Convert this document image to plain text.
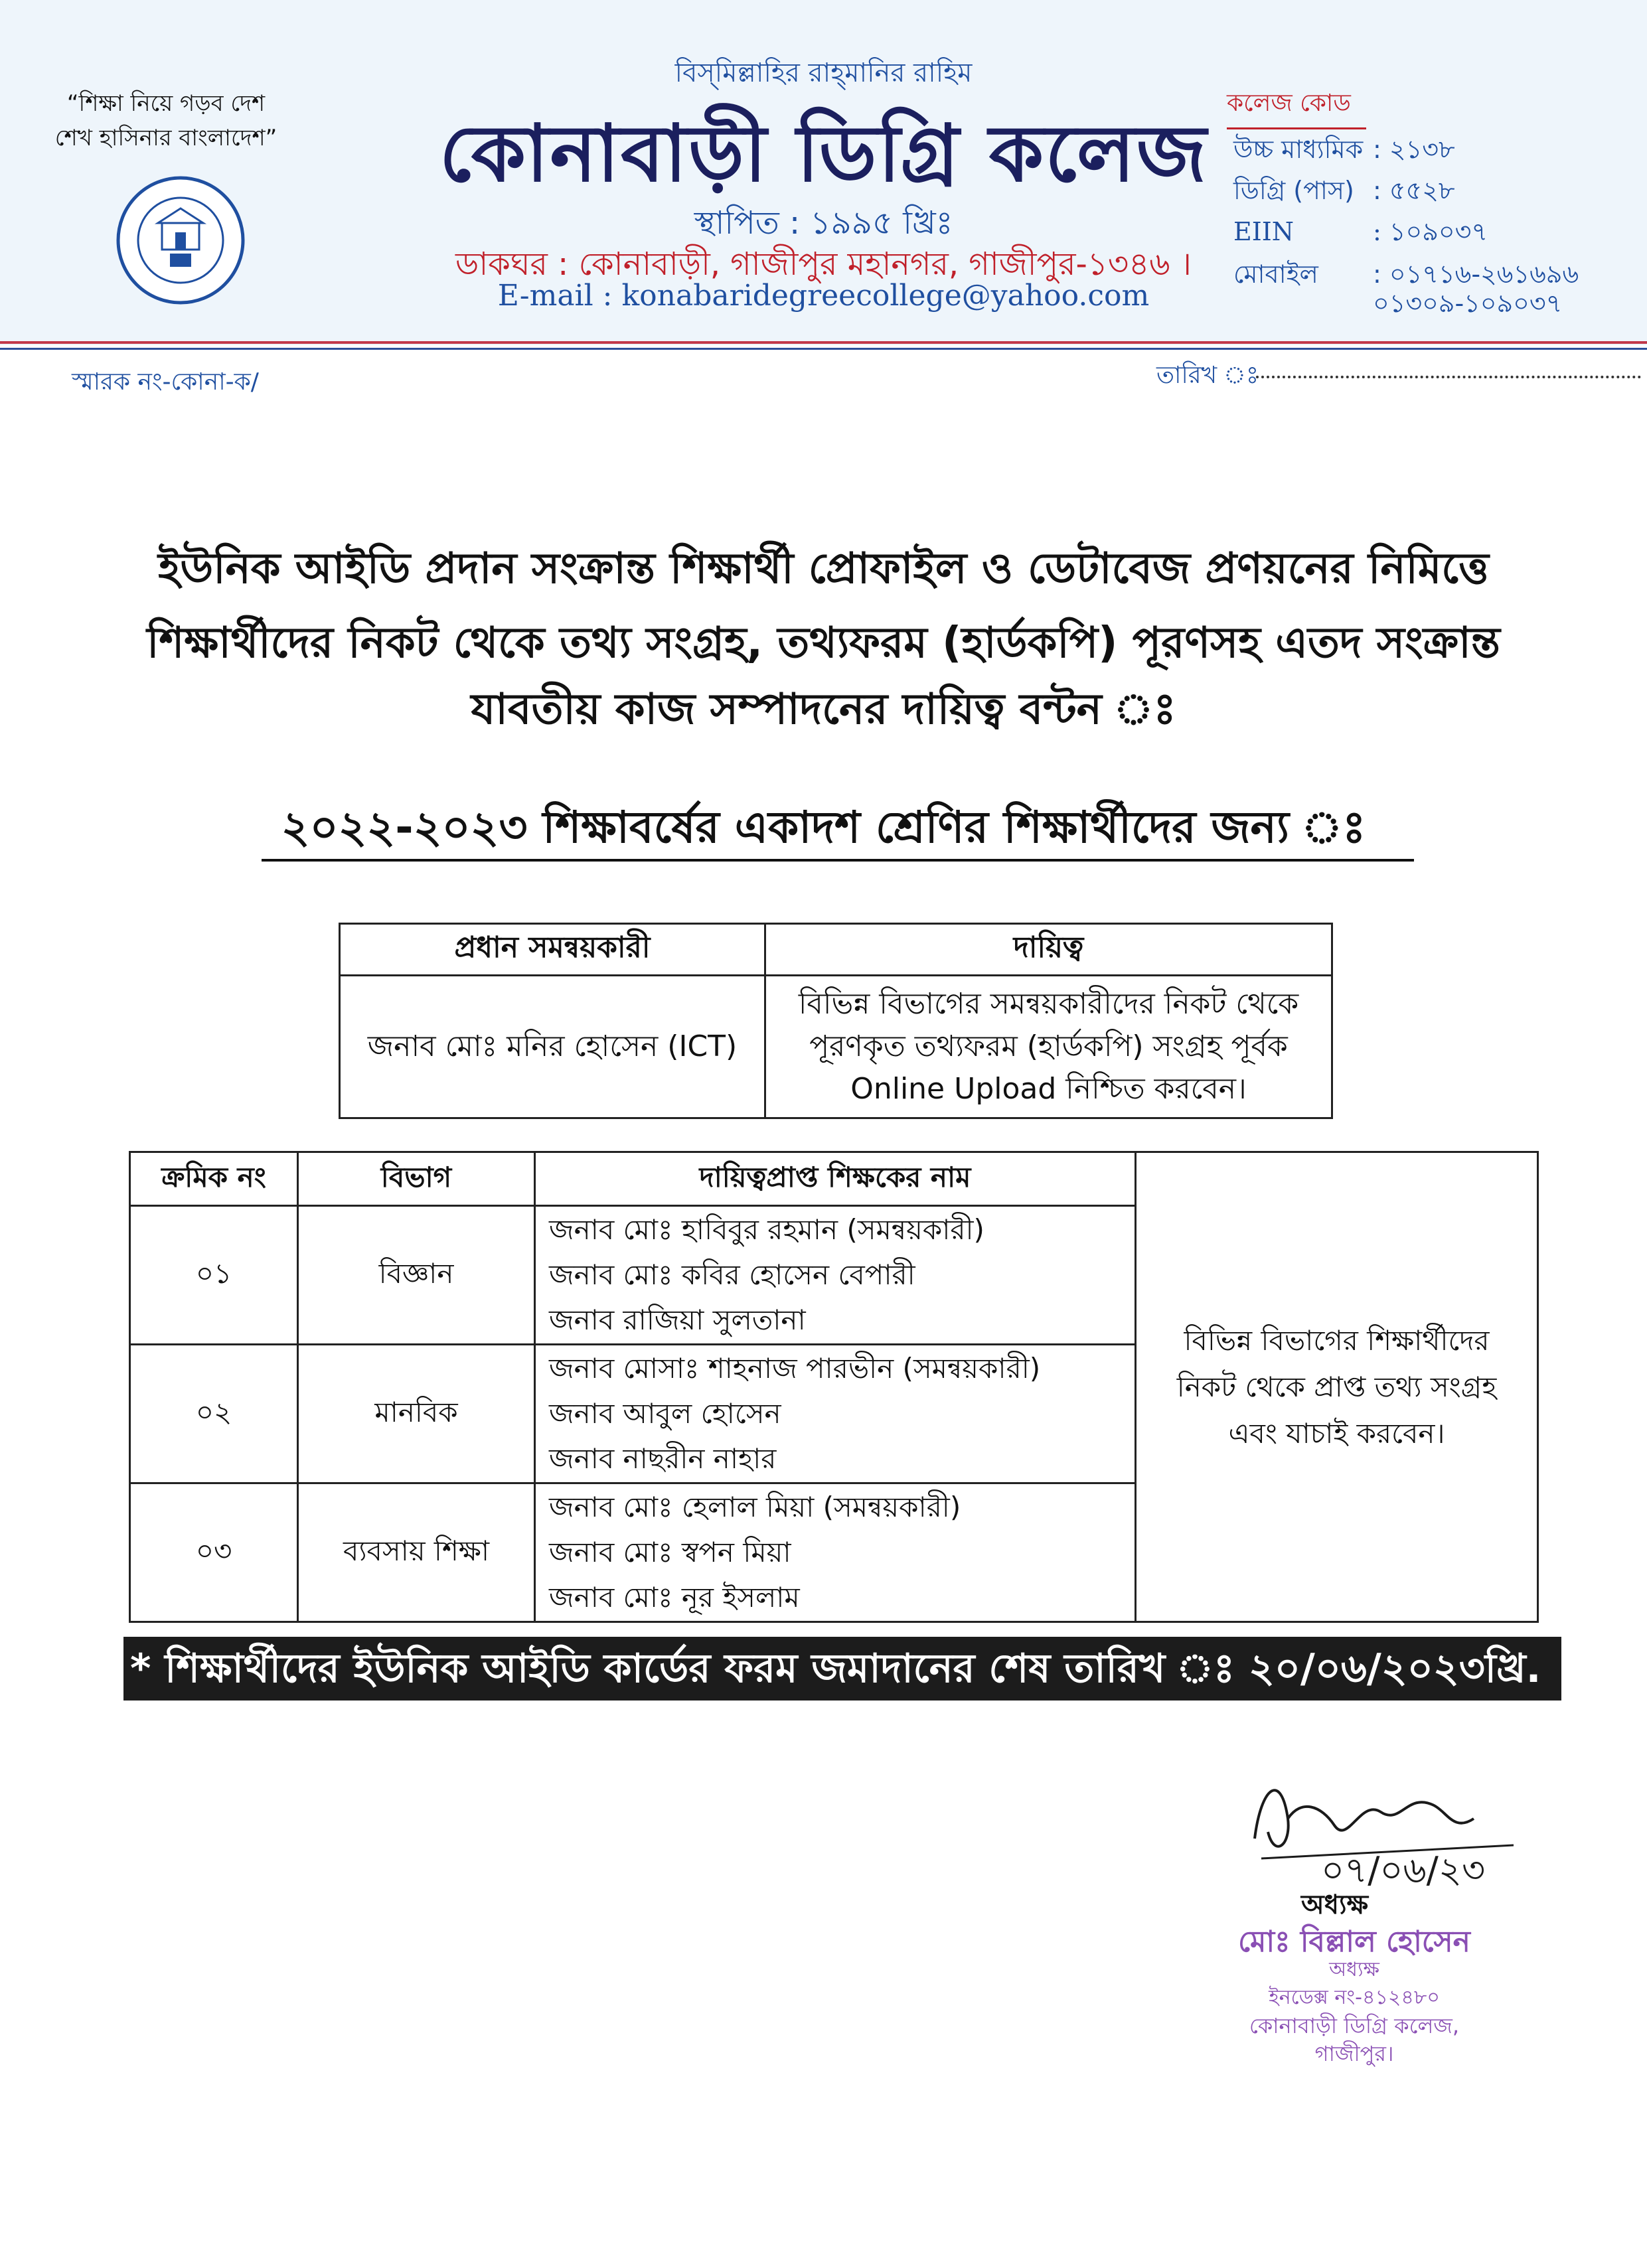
বিস্‌মিল্লাহির রাহ্‌মানির রাহিম
কোনাবাড়ী ডিগ্রি কলেজ
স্থাপিত : ১৯৯৫ খ্রিঃ
ডাকঘর : কোনাবাড়ী, গাজীপুর মহানগর, গাজীপুর-১৩৪৬ ।
E-mail : konabaridegreecollege@yahoo.com
“শিক্ষা নিয়ে গড়ব দেশ
শেখ হাসিনার বাংলাদেশ”
কলেজ কোড
উচ্চ মাধ্যমিক : ২১৩৮
ডিগ্রি (পাস) : ৫৫২৮
EIIN	: ১০৯০৩৭
মোবাইল : ০১৭১৬-২৬১৬৯৬
০১৩০৯-১০৯০৩৭
স্মারক নং-কোনা-ক/	তারিখ ঃ
ইউনিক আইডি প্রদান সংক্রান্ত শিক্ষার্থী প্রোফাইল ও ডেটাবেজ প্রণয়নের নিমিত্তে
শিক্ষার্থীদের নিকট থেকে তথ্য সংগ্রহ, তথ্যফরম (হার্ডকপি) পূরণসহ এতদ সংক্রান্ত
যাবতীয় কাজ সম্পাদনের দায়িত্ব বন্টন ঃ
২০২২-২০২৩ শিক্ষাবর্ষের একাদশ শ্রেণির শিক্ষার্থীদের জন্য ঃ
প্রধান সমন্বয়কারী	দায়িত্ব
জনাব মোঃ মনির হোসেন (ICT)	বিভিন্ন বিভাগের সমন্বয়কারীদের নিকট থেকে
পূরণকৃত তথ্যফরম (হার্ডকপি) সংগ্রহ পূর্বক
Online Upload নিশ্চিত করবেন।
ক্রমিক নং	বিভাগ	দায়িত্বপ্রাপ্ত শিক্ষকের নাম	বিভিন্ন বিভাগের শিক্ষার্থীদের
নিকট থেকে প্রাপ্ত তথ্য সংগ্রহ
এবং যাচাই করবেন।

০১	বিজ্ঞান	জনাব মোঃ হাবিবুর রহমান (সমন্বয়কারী)
জনাব মোঃ কবির হোসেন বেপারী
জনাব রাজিয়া সুলতানা	

০২	মানবিক	জনাব মোসাঃ শাহনাজ পারভীন (সমন্বয়কারী)
জনাব আবুল হোসেন
জনাব নাছরীন নাহার	

০৩	ব্যবসায় শিক্ষা	জনাব মোঃ হেলাল মিয়া (সমন্বয়কারী)
জনাব মোঃ স্বপন মিয়া
জনাব মোঃ নূর ইসলাম	
* শিক্ষার্থীদের ইউনিক আইডি কার্ডের ফরম জমাদানের শেষ তারিখ ঃ ২০/০৬/২০২৩খ্রি.
০৭/০৬/২৩
অধ্যক্ষ
মোঃ বিল্লাল হোসেন
অধ্যক্ষ
ইনডেক্স নং-৪১২৪৮০
কোনাবাড়ী ডিগ্রি কলেজ, গাজীপুর।
